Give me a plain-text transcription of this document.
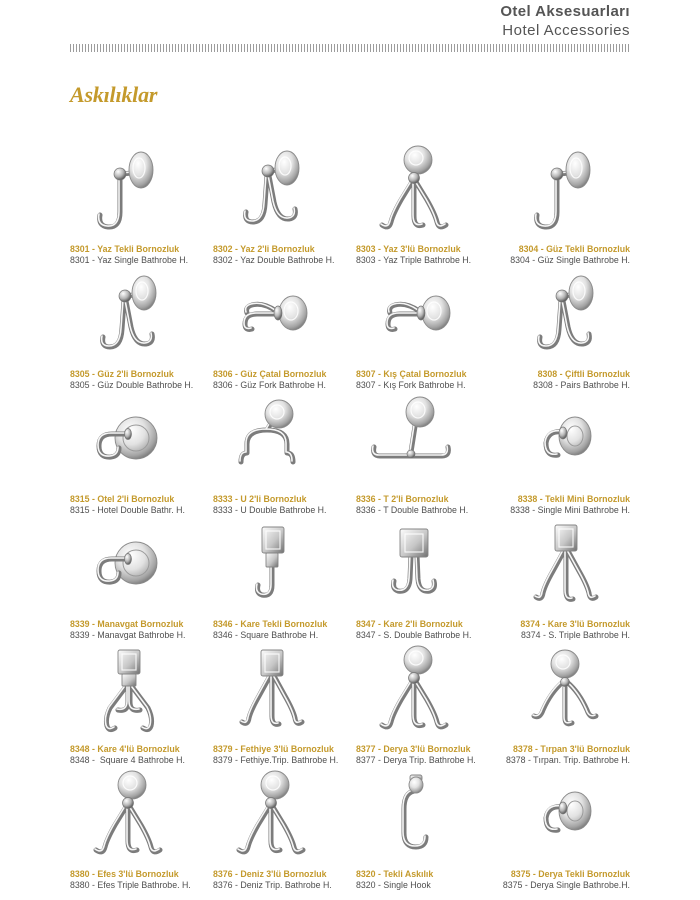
Otel Aksesuarları
Hotel Accessories
Askılıklar
8301 - Yaz Tekli Bornozluk
8301 - Yaz Single Bathrobe H.
8302 - Yaz 2'li Bornozluk
8302 - Yaz Double Bathrobe H.
8303 - Yaz 3'lü Bornozluk
8303 - Yaz Triple Bathrobe H.
8304 - Güz Tekli Bornozluk
8304 - Güz Single Bathrobe H.
8305 - Güz 2'li Bornozluk
8305 - Güz Double Bathrobe H.
8306 - Güz Çatal Bornozluk
8306 - Güz Fork Bathrobe H.
8307 - Kış Çatal Bornozluk
8307 - Kış Fork Bathrobe H.
8308 - Çiftli Bornozluk
8308 - Pairs Bathrobe H.
8315 - Otel 2'li Bornozluk
8315 - Hotel Double Bathr. H.
8333 - U 2'li Bornozluk
8333 - U Double Bathrobe H.
8336 - T 2'li Bornozluk
8336 - T Double Bathrobe H.
8338 - Tekli Mini Bornozluk
8338 - Single Mini Bathrobe H.
8339 - Manavgat Bornozluk
8339 - Manavgat Bathrobe H.
8346 - Kare Tekli Bornozluk
8346 - Square Bathrobe H.
8347 - Kare 2'li Bornozluk
8347 - S. Double Bathrobe H.
8374 - Kare 3'lü Bornozluk
8374 - S. Triple Bathrobe H.
8348 - Kare 4'lü Bornozluk
8348 -  Square 4 Bathrobe H.
8379 - Fethiye 3'lü Bornozluk
8379 - Fethiye.Trip. Bathrobe H.
8377 - Derya 3'lü Bornozluk
8377 - Derya Trip. Bathrobe H.
8378 - Tırpan 3'lü Bornozluk
8378 - Tırpan. Trip. Bathrobe H.
8380 - Efes 3'lü Bornozluk
8380 - Efes Triple Bathrobe. H.
8376 - Deniz 3'lü Bornozluk
8376 - Deniz Trip. Bathrobe H.
8320 - Tekli Askılık
8320 - Single Hook
8375 - Derya Tekli Bornozluk
8375 - Derya Single Bathrobe.H.
